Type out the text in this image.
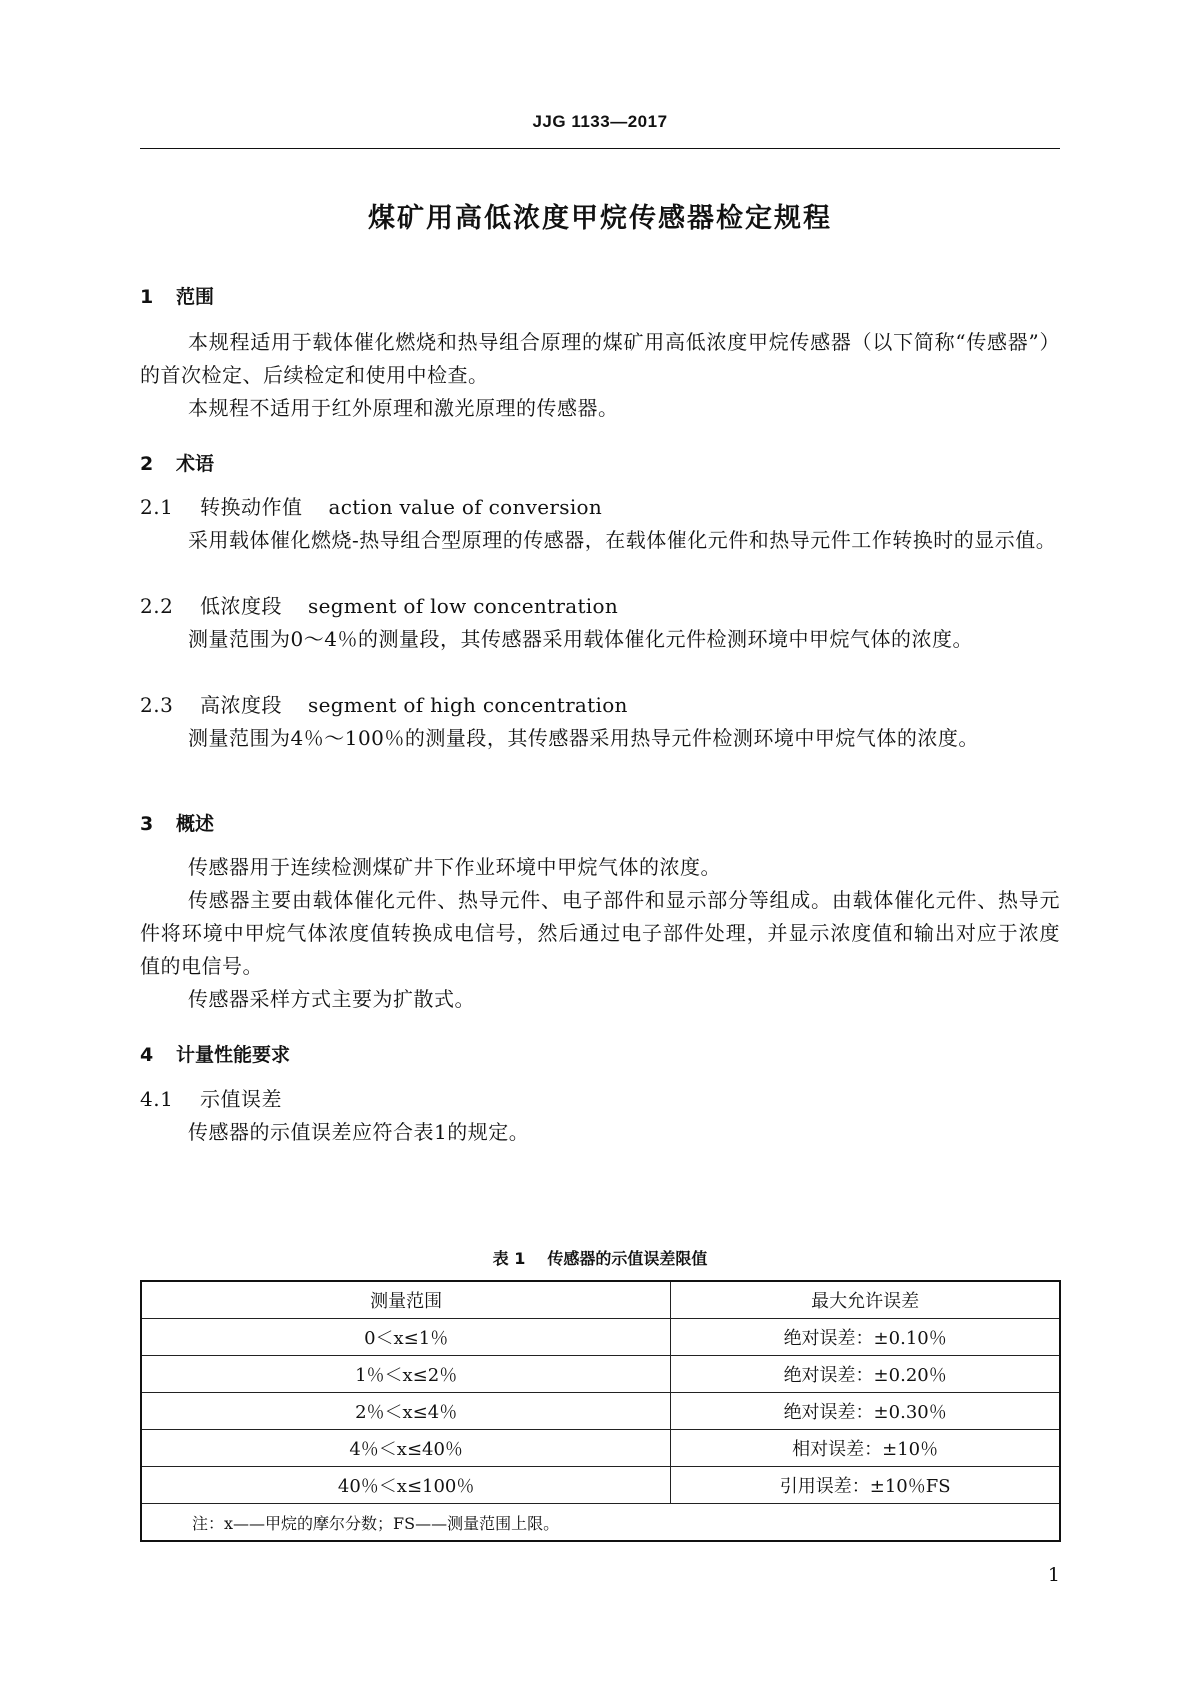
JJG 1133—2017
煤矿用高低浓度甲烷传感器检定规程
1 范围
本规程适用于载体催化燃烧和热导组合原理的煤矿用高低浓度甲烷传感器（以下简称“传感器”）的首次检定、后续检定和使用中检查。
本规程不适用于红外原理和激光原理的传感器。
2 术语
2.1 转换动作值 action value of conversion
采用载体催化燃烧-热导组合型原理的传感器，在载体催化元件和热导元件工作转换时的显示值。
2.2 低浓度段 segment of low concentration
测量范围为0～4％的测量段，其传感器采用载体催化元件检测环境中甲烷气体的浓度。
2.3 高浓度段 segment of high concentration
测量范围为4％～100％的测量段，其传感器采用热导元件检测环境中甲烷气体的浓度。
3 概述
传感器用于连续检测煤矿井下作业环境中甲烷气体的浓度。
传感器主要由载体催化元件、热导元件、电子部件和显示部分等组成。由载体催化元件、热导元件将环境中甲烷气体浓度值转换成电信号，然后通过电子部件处理，并显示浓度值和输出对应于浓度值的电信号。
传感器采样方式主要为扩散式。
4 计量性能要求
4.1 示值误差
传感器的示值误差应符合表1的规定。
表 1 传感器的示值误差限值
测量范围	最大允许误差
0＜x≤1％	绝对误差：±0.10％
1％＜x≤2％	绝对误差：±0.20％
2％＜x≤4％	绝对误差：±0.30％
4％＜x≤40％	相对误差：±10％
40％＜x≤100％	引用误差：±10％FS
注：x——甲烷的摩尔分数；FS——测量范围上限。	
1
